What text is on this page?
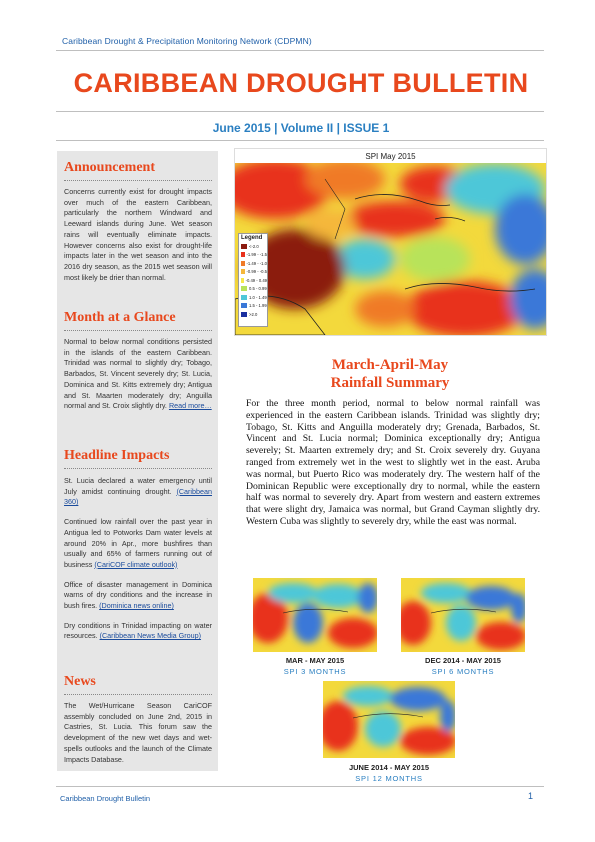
Caribbean Drought & Precipitation Monitoring Network (CDPMN)
CARIBBEAN DROUGHT BULLETIN
June 2015 | Volume II | ISSUE 1
Announcement

Concerns currently exist for drought impacts over much of the eastern Caribbean, particularly the northern Windward and Leeward islands during June. Wet season rains will eventually eliminate impacts. However concerns also exist for drought-life impacts later in the wet season and into the 2016 dry season, as the 2015 wet season will most likely be drier than normal.

Month at a Glance

Normal to below normal conditions persisted in the islands of the eastern Caribbean. Trinidad was normal to slightly dry; Tobago, Barbados, St. Vincent severely dry; St. Lucia, Dominica and St. Kitts extremely dry; Antigua and St. Maarten moderately dry; Anguilla normal and St. Croix slightly dry. Read more…

Headline Impacts

St. Lucia declared a water emergency until July amidst continuing drought. (Caribbean 360)

Continued low rainfall over the past year in Antigua led to Potworks Dam water levels at around 20% in Apr., more bushfires than usually and 65% of farmers running out of business (CariCOF climate outlook)

Office of disaster management in Dominica warns of dry conditions and the increase in bush fires. (Dominica news online)

Dry conditions in Trinidad impacting on water resources. (Caribbean News Media Group)

News

The Wet/Hurricane Season CariCOF assembly concluded on June 2nd, 2015 in Castries, St. Lucia. This forum saw the development of the new wet days and wet-spells outlooks and the launch of the Climate Impacts Database.

SPI May 2015
Legend
<-2.0
-1.99 - -1.5
-1.49 - -1.0
-0.99 - -0.5
-0.49 - 0.49
0.5 - 0.99
1.0 - 1.49
1.5 - 1.99
>2.0
March-April-May
Rainfall Summary
For the three month period, normal to below normal rainfall was experienced in the eastern Caribbean islands. Trinidad was slightly dry; Tobago, St. Kitts and Anguilla moderately dry; Grenada, Barbados, St. Vincent and St. Lucia normal; Dominica exceptionally dry; Antigua severely; St. Maarten extremely dry; and St. Croix severely dry. Guyana ranged from extremely wet in the west to slightly wet in the east. Aruba was normal, but Puerto Rico was moderately dry. The western half of the Dominican Republic were exceptionally dry to normal, while the eastern half was normal to severely dry. Apart from western and eastern extremes that were slight dry, Jamaica was normal, but Grand Cayman slightly dry. Western Cuba was slightly to severely dry, while the east was normal.
MAR - MAY 2015
SPI 3 MONTHS
DEC 2014 - MAY 2015
SPI 6 MONTHS
JUNE 2014 - MAY 2015
SPI 12 MONTHS
Caribbean Drought Bulletin	1
